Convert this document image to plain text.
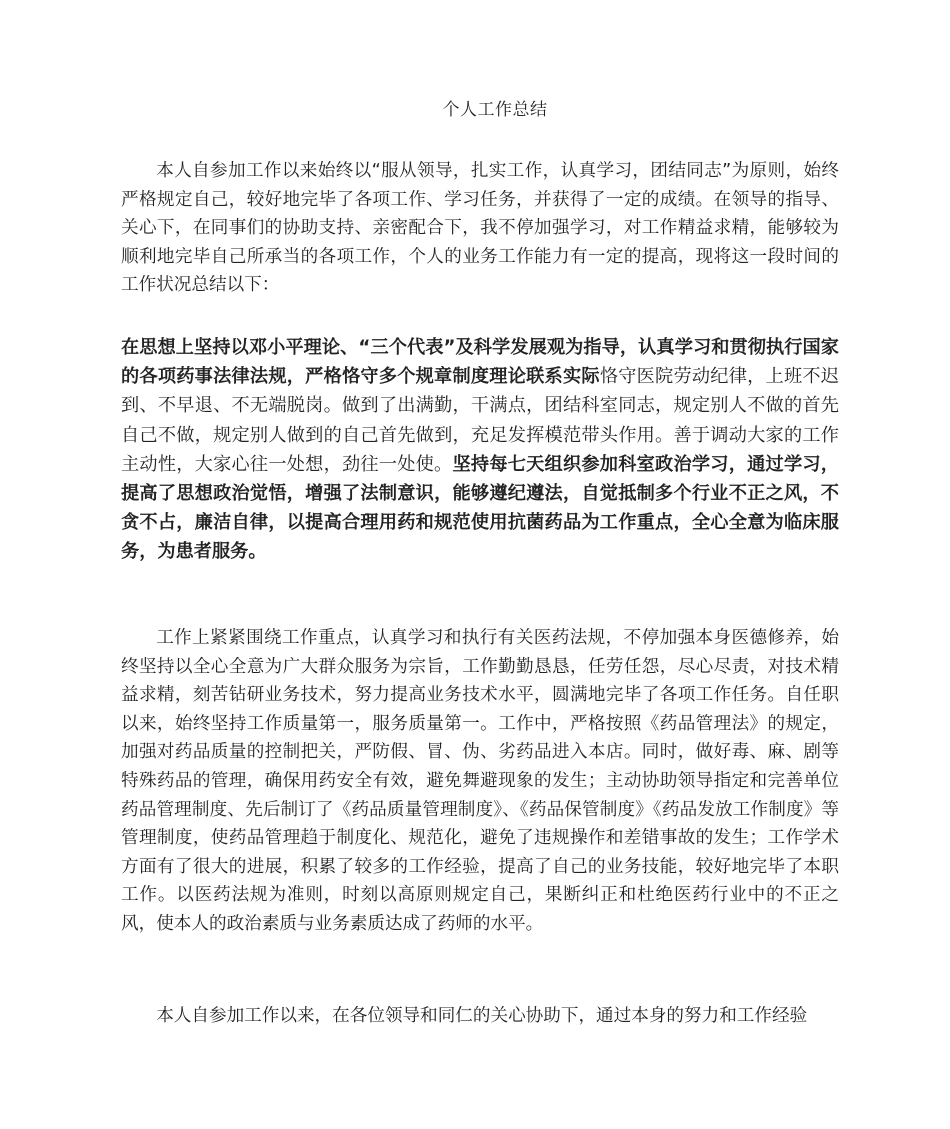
个人工作总结

本人自参加工作以来始终以“服从领导，扎实工作，认真学习，团结同志”为原则，始终严格规定自己，较好地完毕了各项工作、学习任务，并获得了一定的成绩。在领导的指导、关心下，在同事们的协助支持、亲密配合下，我不停加强学习，对工作精益求精，能够较为顺利地完毕自己所承当的各项工作，个人的业务工作能力有一定的提高，现将这一段时间的工作状况总结以下：

在思想上坚持以邓小平理论、“三个代表”及科学发展观为指导，认真学习和贯彻执行国家的各项药事法律法规，严格恪守多个规章制度理论联系实际恪守医院劳动纪律，上班不迟到、不早退、不无端脱岗。做到了出满勤，干满点，团结科室同志，规定别人不做的首先自己不做，规定别人做到的自己首先做到，充足发挥模范带头作用。善于调动大家的工作主动性，大家心往一处想，劲往一处使。坚持每七天组织参加科室政治学习，通过学习，提高了思想政治觉悟，增强了法制意识，能够遵纪遵法，自觉抵制多个行业不正之风，不贪不占，廉洁自律，以提高合理用药和规范使用抗菌药品为工作重点，全心全意为临床服务，为患者服务。

工作上紧紧围绕工作重点，认真学习和执行有关医药法规，不停加强本身医德修养，始终坚持以全心全意为广大群众服务为宗旨，工作勤勤恳恳，任劳任怨，尽心尽责，对技术精益求精，刻苦钻研业务技术，努力提高业务技术水平，圆满地完毕了各项工作任务。自任职以来，始终坚持工作质量第一，服务质量第一。工作中，严格按照《药品管理法》的规定，加强对药品质量的控制把关，严防假、冒、伪、劣药品进入本店。同时，做好毒、麻、剧等特殊药品的管理，确保用药安全有效，避免舞避现象的发生；主动协助领导指定和完善单位药品管理制度、先后制订了《药品质量管理制度》、《药品保管制度》《药品发放工作制度》等管理制度，使药品管理趋于制度化、规范化，避免了违规操作和差错事故的发生；工作学术方面有了很大的进展，积累了较多的工作经验，提高了自己的业务技能，较好地完毕了本职工作。以医药法规为准则，时刻以高原则规定自己，果断纠正和杜绝医药行业中的不正之风，使本人的政治素质与业务素质达成了药师的水平。

本人自参加工作以来，在各位领导和同仁的关心协助下，通过本身的努力和工作经验
